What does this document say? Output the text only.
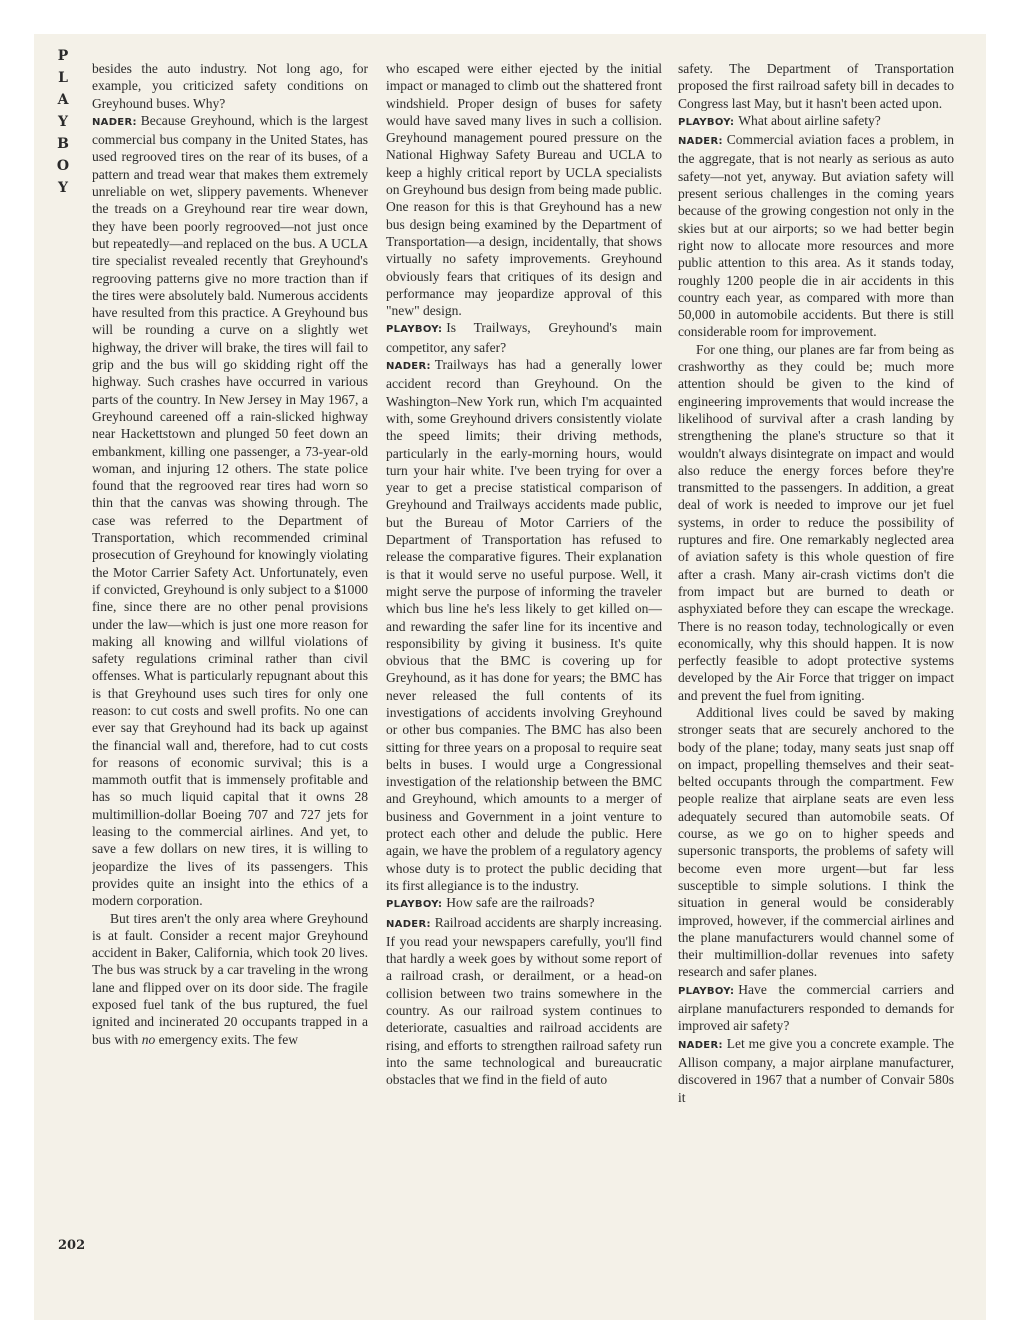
P
L
A
Y
B
O
Y
202

besides the auto industry. Not long ago, for example, you criticized safety conditions on Greyhound buses. Why?

NADER: Because Greyhound, which is the largest commercial bus company in the United States, has used regrooved tires on the rear of its buses, of a pattern and tread wear that makes them extremely unreliable on wet, slippery pavements. Whenever the treads on a Greyhound rear tire wear down, they have been poorly regrooved—not just once but repeatedly—and replaced on the bus. A UCLA tire specialist revealed recently that Greyhound's regrooving patterns give no more traction than if the tires were absolutely bald. Numerous accidents have resulted from this practice. A Greyhound bus will be rounding a curve on a slightly wet highway, the driver will brake, the tires will fail to grip and the bus will go skidding right off the highway. Such crashes have occurred in various parts of the country. In New Jersey in May 1967, a Greyhound careened off a rain-slicked highway near Hackettstown and plunged 50 feet down an embankment, killing one passenger, a 73-year-old woman, and injuring 12 others. The state police found that the regrooved rear tires had worn so thin that the canvas was showing through. The case was referred to the Department of Transportation, which recommended criminal prosecution of Greyhound for knowingly violating the Motor Carrier Safety Act. Unfortunately, even if convicted, Greyhound is only subject to a $1000 fine, since there are no other penal provisions under the law—which is just one more reason for making all knowing and willful violations of safety regulations criminal rather than civil offenses. What is particularly repugnant about this is that Greyhound uses such tires for only one reason: to cut costs and swell profits. No one can ever say that Greyhound had its back up against the financial wall and, therefore, had to cut costs for reasons of economic survival; this is a mammoth outfit that is immensely profitable and has so much liquid capital that it owns 28 multimillion-dollar Boeing 707 and 727 jets for leasing to the commercial airlines. And yet, to save a few dollars on new tires, it is willing to jeopardize the lives of its passengers. This provides quite an insight into the ethics of a modern corporation.

But tires aren't the only area where Greyhound is at fault. Consider a recent major Greyhound accident in Baker, California, which took 20 lives. The bus was struck by a car traveling in the wrong lane and flipped over on its door side. The fragile exposed fuel tank of the bus ruptured, the fuel ignited and incinerated 20 occupants trapped in a bus with no emergency exits. The few

who escaped were either ejected by the initial impact or managed to climb out the shattered front windshield. Proper design of buses for safety would have saved many lives in such a collision. Greyhound management poured pressure on the National Highway Safety Bureau and UCLA to keep a highly critical report by UCLA specialists on Greyhound bus design from being made public. One reason for this is that Greyhound has a new bus design being examined by the Department of Transportation—a design, incidentally, that shows virtually no safety improvements. Greyhound obviously fears that critiques of its design and performance may jeopardize approval of this "new" design.

PLAYBOY: Is Trailways, Greyhound's main competitor, any safer?

NADER: Trailways has had a generally lower accident record than Greyhound. On the Washington–New York run, which I'm acquainted with, some Greyhound drivers consistently violate the speed limits; their driving methods, particularly in the early-morning hours, would turn your hair white. I've been trying for over a year to get a precise statistical comparison of Greyhound and Trailways accidents made public, but the Bureau of Motor Carriers of the Department of Transportation has refused to release the comparative figures. Their explanation is that it would serve no useful purpose. Well, it might serve the purpose of informing the traveler which bus line he's less likely to get killed on—and rewarding the safer line for its incentive and responsibility by giving it business. It's quite obvious that the BMC is covering up for Greyhound, as it has done for years; the BMC has never released the full contents of its investigations of accidents involving Greyhound or other bus companies. The BMC has also been sitting for three years on a proposal to require seat belts in buses. I would urge a Congressional investigation of the relationship between the BMC and Greyhound, which amounts to a merger of business and Government in a joint venture to protect each other and delude the public. Here again, we have the problem of a regulatory agency whose duty is to protect the public deciding that its first allegiance is to the industry.

PLAYBOY: How safe are the railroads?

NADER: Railroad accidents are sharply increasing. If you read your newspapers carefully, you'll find that hardly a week goes by without some report of a railroad crash, or derailment, or a head-on collision between two trains somewhere in the country. As our railroad system continues to deteriorate, casualties and railroad accidents are rising, and efforts to strengthen railroad safety run into the same technological and bureaucratic obstacles that we find in the field of auto

safety. The Department of Transportation proposed the first railroad safety bill in decades to Congress last May, but it hasn't been acted upon.

PLAYBOY: What about airline safety?

NADER: Commercial aviation faces a problem, in the aggregate, that is not nearly as serious as auto safety—not yet, anyway. But aviation safety will present serious challenges in the coming years because of the growing congestion not only in the skies but at our airports; so we had better begin right now to allocate more resources and more public attention to this area. As it stands today, roughly 1200 people die in air accidents in this country each year, as compared with more than 50,000 in automobile accidents. But there is still considerable room for improvement.

For one thing, our planes are far from being as crashworthy as they could be; much more attention should be given to the kind of engineering improvements that would increase the likelihood of survival after a crash landing by strengthening the plane's structure so that it wouldn't always disintegrate on impact and would also reduce the energy forces before they're transmitted to the passengers. In addition, a great deal of work is needed to improve our jet fuel systems, in order to reduce the possibility of ruptures and fire. One remarkably neglected area of aviation safety is this whole question of fire after a crash. Many air-crash victims don't die from impact but are burned to death or asphyxiated before they can escape the wreckage. There is no reason today, technologically or even economically, why this should happen. It is now perfectly feasible to adopt protective systems developed by the Air Force that trigger on impact and prevent the fuel from igniting.

Additional lives could be saved by making stronger seats that are securely anchored to the body of the plane; today, many seats just snap off on impact, propelling themselves and their seat-belted occupants through the compartment. Few people realize that airplane seats are even less adequately secured than automobile seats. Of course, as we go on to higher speeds and supersonic transports, the problems of safety will become even more urgent—but far less susceptible to simple solutions. I think the situation in general would be considerably improved, however, if the commercial airlines and the plane manufacturers would channel some of their multimillion-dollar revenues into safety research and safer planes.

PLAYBOY: Have the commercial carriers and airplane manufacturers responded to demands for improved air safety?

NADER: Let me give you a concrete example. The Allison company, a major airplane manufacturer, discovered in 1967 that a number of Convair 580s it
